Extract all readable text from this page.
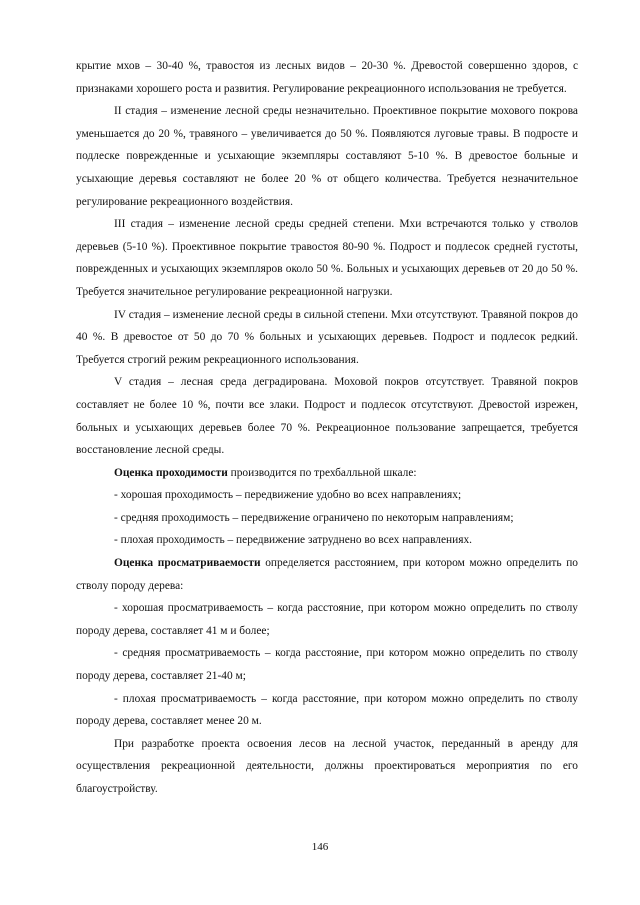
крытие мхов – 30-40 %, травостоя из лесных видов – 20-30 %. Древостой совершенно здоров, с признаками хорошего роста и развития. Регулирование рекреационного использования не требуется.

II стадия – изменение лесной среды незначительно. Проективное покрытие мохового покрова уменьшается до 20 %, травяного – увеличивается до 50 %. Появляются луговые травы. В подросте и подлеске поврежденные и усыхающие экземпляры составляют 5-10 %. В древостое больные и усыхающие деревья составляют не более 20 % от общего количества. Требуется незначительное регулирование рекреационного воздействия.

III стадия – изменение лесной среды средней степени. Мхи встречаются только у стволов деревьев (5-10 %). Проективное покрытие травостоя 80-90 %. Подрост и подлесок средней густоты, поврежденных и усыхающих экземпляров около 50 %. Больных и усыхающих деревьев от 20 до 50 %. Требуется значительное регулирование рекреационной нагрузки.

IV стадия – изменение лесной среды в сильной степени. Мхи отсутствуют. Травяной покров до 40 %. В древостое от 50 до 70 % больных и усыхающих деревьев. Подрост и подлесок редкий. Требуется строгий режим рекреационного использования.

V стадия – лесная среда деградирована. Моховой покров отсутствует. Травяной покров составляет не более 10 %, почти все злаки. Подрост и подлесок отсутствуют. Древостой изрежен, больных и усыхающих деревьев более 70 %. Рекреационное пользование запрещается, требуется восстановление лесной среды.

Оценка проходимости производится по трехбалльной шкале:

- хорошая проходимость – передвижение удобно во всех направлениях;

- средняя проходимость – передвижение ограничено по некоторым направлениям;

- плохая проходимость – передвижение затруднено во всех направлениях.

Оценка просматриваемости определяется расстоянием, при котором можно определить по стволу породу дерева:

- хорошая просматриваемость – когда расстояние, при котором можно определить по стволу породу дерева, составляет 41 м и более;

- средняя просматриваемость – когда расстояние, при котором можно определить по стволу породу дерева, составляет 21-40 м;

- плохая просматриваемость – когда расстояние, при котором можно определить по стволу породу дерева, составляет менее 20 м.

При разработке проекта освоения лесов на лесной участок, переданный в аренду для осуществления рекреационной деятельности, должны проектироваться мероприятия по его благоустройству.

146
